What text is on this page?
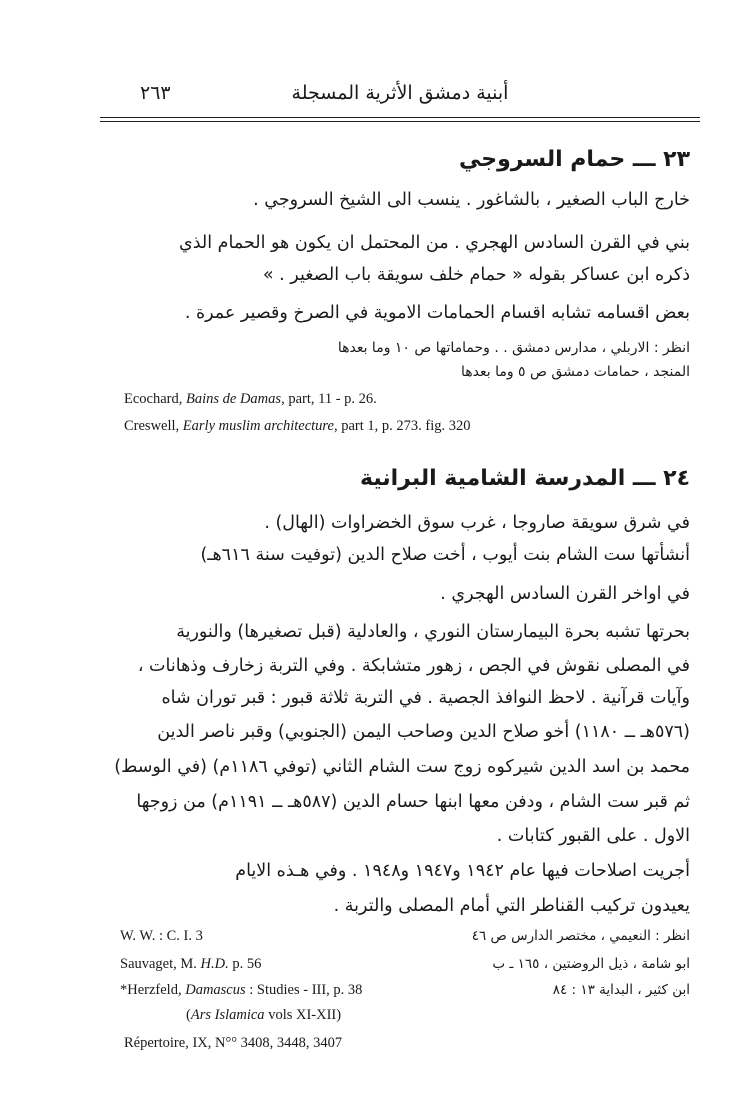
أبنية دمشق الأثرية المسجلة
٢٦٣
٢٣ ـــ حمام السروجي
خارج الباب الصغير ، بالشاغور . ينسب الى الشيخ السروجي .
بني في القرن السادس الهجري . من المحتمل ان يكون هو الحمام الذي
ذكره ابن عساكر بقوله « حمام خلف سويقة باب الصغير . »
بعض اقسامه تشابه اقسام الحمامات الاموية في الصرخ وقصير عمرة .
انظر : الاربلي ، مدارس دمشق . . وحماماتها ص ١٠ وما بعدها
المنجد ، حمامات دمشق ص ٥ وما بعدها
Ecochard, Bains de Damas, part, 11 - p. 26.
Creswell, Early muslim architecture, part 1, p. 273. fig. 320
٢٤ ـــ المدرسة الشامية البرانية
في شرق سويقة صاروجا ، غرب سوق الخضراوات (الهال) .
أنشأتها ست الشام بنت أيوب ، أخت صلاح الدين (توفيت سنة ٦١٦هـ)
في اواخر القرن السادس الهجري .
بحرتها تشبه بحرة البيمارستان النوري ، والعادلية (قبل تصغيرها) والنورية
في المصلى نقوش في الجص ، زهور متشابكة . وفي التربة زخارف وذهانات ،
وآيات قرآنية . لاحظ النوافذ الجصية . في التربة ثلاثة قبور : قبر توران شاه
(٥٧٦هـ ــ ١١٨٠) أخو صلاح الدين وصاحب اليمن (الجنوبي) وقبر ناصر الدين
محمد بن اسد الدين شيركوه زوج ست الشام الثاني (توفي ١١٨٦م) (في الوسط)
ثم قبر ست الشام ، ودفن معها ابنها حسام الدين (٥٨٧هـ ــ ١١٩١م) من زوجها
الاول . على القبور كتابات .
أجريت اصلاحات فيها عام ١٩٤٢ و١٩٤٧ و١٩٤٨ . وفي هـذه الايام
يعيدون تركيب القناطر التي أمام المصلى والتربة .
W. W. : C. I. 3	انظر : النعيمي ، مختصر الدارس ص ٤٦
Sauvaget, M. H.D. p. 56	ابو شامة ، ذيل الروضتين ، ١٦٥ ـ ب
*Herzfeld, Damascus : Studies - III, p. 38	ابن كثير ، البداية ١٣ : ٨٤
(Ars Islamica vols XI-XII)
Répertoire, IX, N°° 3408, 3448, 3407
